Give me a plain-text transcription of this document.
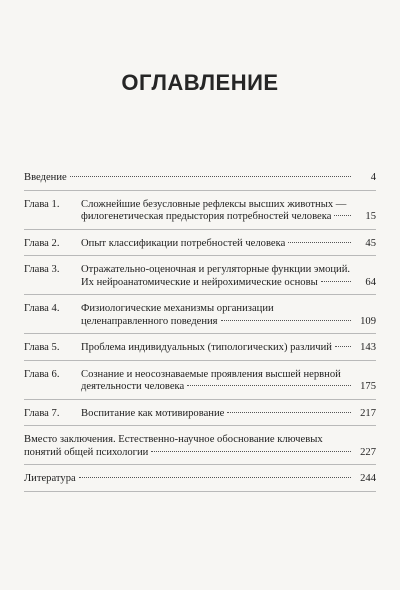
ОГЛАВЛЕНИЕ
Введение	4
Глава 1.	Сложнейшие безусловные рефлексы высших животных —
филогенетическая предыстория потребностей человека	15
Глава 2.	Опыт классификации потребностей человека	45
Глава 3.	Отражательно-оценочная и регуляторные функции эмоций.
Их нейроанатомические и нейрохимические основы	64
Глава 4.	Физиологические механизмы организации
целенаправленного поведения	109
Глава 5.	Проблема индивидуальных (типологических) различий	143
Глава 6.	Сознание и неосознаваемые проявления высшей нервной
деятельности человека	175
Глава 7.	Воспитание как мотивирование	217
Вместо заключения. Естественно-научное обоснование ключевых
понятий общей психологии	227
Литература	244
